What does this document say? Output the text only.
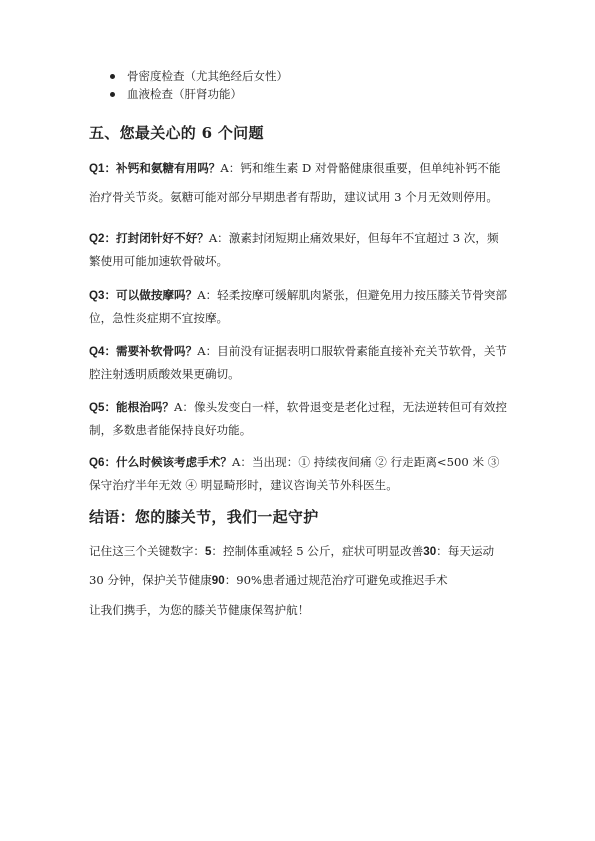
骨密度检查（尤其绝经后女性）
血液检查（肝肾功能）
五、您最关心的 6 个问题

Q1：补钙和氨糖有用吗？A：钙和维生素 D 对骨骼健康很重要，但单纯补钙不能治疗骨关节炎。氨糖可能对部分早期患者有帮助，建议试用 3 个月无效则停用。

Q2：打封闭针好不好？A：激素封闭短期止痛效果好，但每年不宜超过 3 次，频繁使用可能加速软骨破坏。

Q3：可以做按摩吗？A：轻柔按摩可缓解肌肉紧张，但避免用力按压膝关节骨突部位，急性炎症期不宜按摩。

Q4：需要补软骨吗？A：目前没有证据表明口服软骨素能直接补充关节软骨，关节腔注射透明质酸效果更确切。

Q5：能根治吗？A：像头发变白一样，软骨退变是老化过程，无法逆转但可有效控制，多数患者能保持良好功能。

Q6：什么时候该考虑手术？A：当出现：① 持续夜间痛 ② 行走距离<500 米 ③ 保守治疗半年无效 ④ 明显畸形时，建议咨询关节外科医生。

结语：您的膝关节，我们一起守护

记住这三个关键数字：5：控制体重减轻 5 公斤，症状可明显改善30：每天运动 30 分钟，保护关节健康90：90%患者通过规范治疗可避免或推迟手术

让我们携手，为您的膝关节健康保驾护航！
